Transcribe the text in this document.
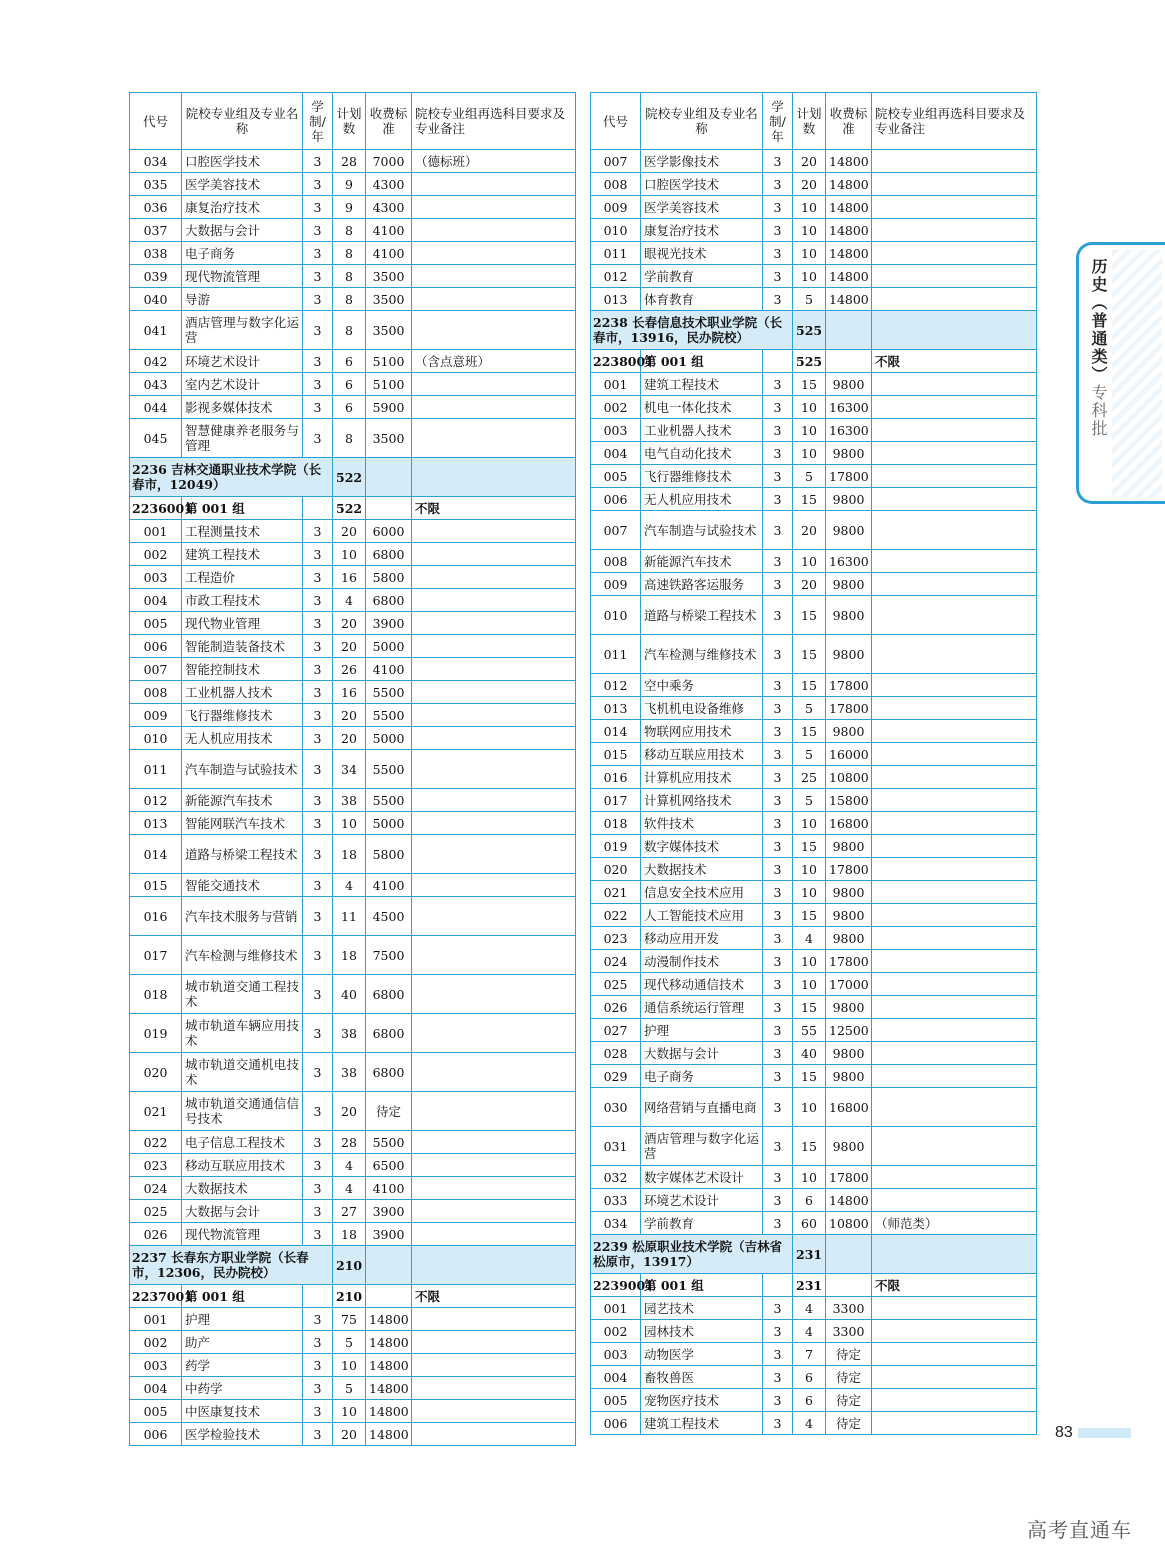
代号	院校专业组及专业名称	学制/年	计划数	收费标准	院校专业组再选科目要求及专业备注
034	口腔医学技术	3	28	7000	（德标班）
035	医学美容技术	3	9	4300	
036	康复治疗技术	3	9	4300	
037	大数据与会计	3	8	4100	
038	电子商务	3	8	4100	
039	现代物流管理	3	8	3500	
040	导游	3	8	3500	
041	酒店管理与数字化运营	3	8	3500	
042	环境艺术设计	3	6	5100	（含点意班）
043	室内艺术设计	3	6	5100	
044	影视多媒体技术	3	6	5900	
045	智慧健康养老服务与管理	3	8	3500	
2236 吉林交通职业技术学院（长春市，12049）			522		
2236001	第 001 组		522		不限
001	工程测量技术	3	20	6000	
002	建筑工程技术	3	10	6800	
003	工程造价	3	16	5800	
004	市政工程技术	3	4	6800	
005	现代物业管理	3	20	3900	
006	智能制造装备技术	3	20	5000	
007	智能控制技术	3	26	4100	
008	工业机器人技术	3	16	5500	
009	飞行器维修技术	3	20	5500	
010	无人机应用技术	3	20	5000	
011	汽车制造与试验技术	3	34	5500	
012	新能源汽车技术	3	38	5500	
013	智能网联汽车技术	3	10	5000	
014	道路与桥梁工程技术	3	18	5800	
015	智能交通技术	3	4	4100	
016	汽车技术服务与营销	3	11	4500	
017	汽车检测与维修技术	3	18	7500	
018	城市轨道交通工程技术	3	40	6800	
019	城市轨道车辆应用技术	3	38	6800	
020	城市轨道交通机电技术	3	38	6800	
021	城市轨道交通通信信号技术	3	20	待定	
022	电子信息工程技术	3	28	5500	
023	移动互联应用技术	3	4	6500	
024	大数据技术	3	4	4100	
025	大数据与会计	3	27	3900	
026	现代物流管理	3	18	3900	
2237 长春东方职业学院（长春市，12306，民办院校）			210		
2237001	第 001 组		210		不限
001	护理	3	75	14800	
002	助产	3	5	14800	
003	药学	3	10	14800	
004	中药学	3	5	14800	
005	中医康复技术	3	10	14800	
006	医学检验技术	3	20	14800	
代号	院校专业组及专业名称	学制/年	计划数	收费标准	院校专业组再选科目要求及专业备注
007	医学影像技术	3	20	14800	
008	口腔医学技术	3	20	14800	
009	医学美容技术	3	10	14800	
010	康复治疗技术	3	10	14800	
011	眼视光技术	3	10	14800	
012	学前教育	3	10	14800	
013	体育教育	3	5	14800	
2238 长春信息技术职业学院（长春市，13916，民办院校）			525		
2238001	第 001 组		525		不限
001	建筑工程技术	3	15	9800	
002	机电一体化技术	3	10	16300	
003	工业机器人技术	3	10	16300	
004	电气自动化技术	3	10	9800	
005	飞行器维修技术	3	5	17800	
006	无人机应用技术	3	15	9800	
007	汽车制造与试验技术	3	20	9800	
008	新能源汽车技术	3	10	16300	
009	高速铁路客运服务	3	20	9800	
010	道路与桥梁工程技术	3	15	9800	
011	汽车检测与维修技术	3	15	9800	
012	空中乘务	3	15	17800	
013	飞机机电设备维修	3	5	17800	
014	物联网应用技术	3	15	9800	
015	移动互联应用技术	3	5	16000	
016	计算机应用技术	3	25	10800	
017	计算机网络技术	3	5	15800	
018	软件技术	3	10	16800	
019	数字媒体技术	3	15	9800	
020	大数据技术	3	10	17800	
021	信息安全技术应用	3	10	9800	
022	人工智能技术应用	3	15	9800	
023	移动应用开发	3	4	9800	
024	动漫制作技术	3	10	17800	
025	现代移动通信技术	3	10	17000	
026	通信系统运行管理	3	15	9800	
027	护理	3	55	12500	
028	大数据与会计	3	40	9800	
029	电子商务	3	15	9800	
030	网络营销与直播电商	3	10	16800	
031	酒店管理与数字化运营	3	15	9800	
032	数字媒体艺术设计	3	10	17800	
033	环境艺术设计	3	6	14800	
034	学前教育	3	60	10800	（师范类）
2239 松原职业技术学院（吉林省松原市，13917）			231		
2239001	第 001 组		231		不限
001	园艺技术	3	4	3300	
002	园林技术	3	4	3300	
003	动物医学	3	7	待定	
004	畜牧兽医	3	6	待定	
005	宠物医疗技术	3	6	待定	
006	建筑工程技术	3	4	待定	
历史（普通类）专科批
83
高考直通车
